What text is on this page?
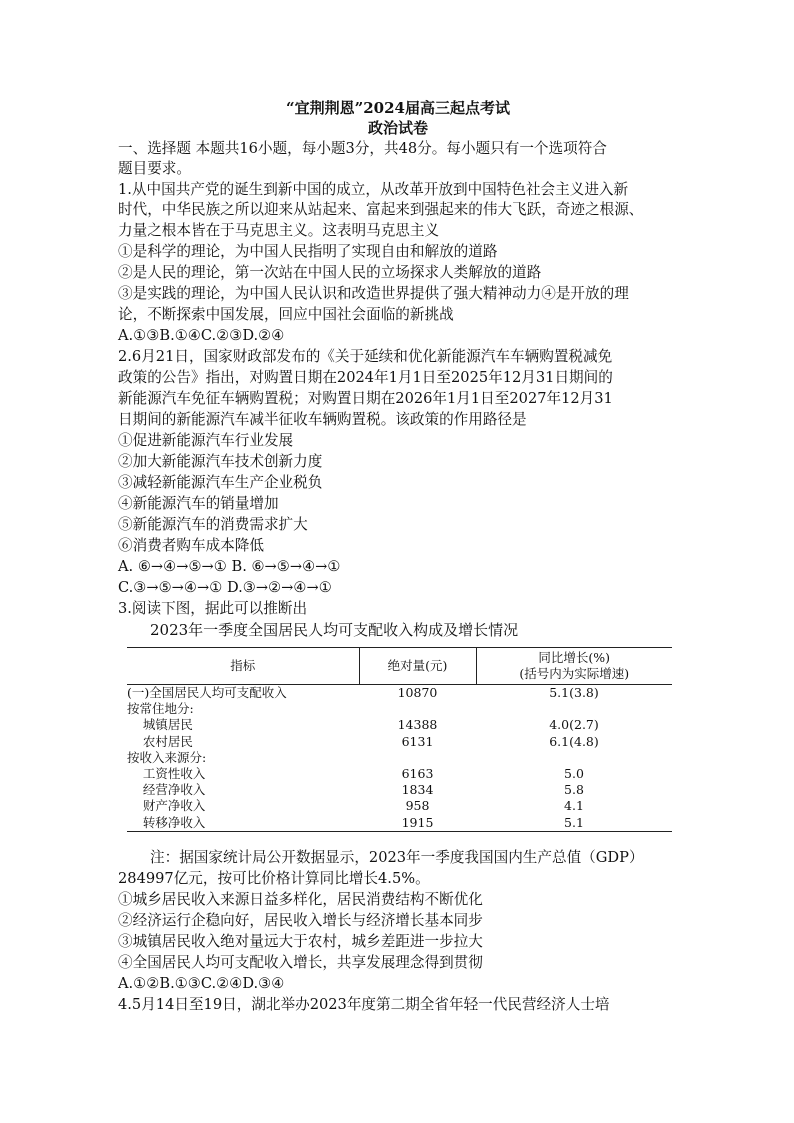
“宜荆荆恩”2024届高三起点考试
政治试卷
一、选择题 本题共16小题，每小题3分，共48分。每小题只有一个选项符合
题目要求。
1.从中国共产党的诞生到新中国的成立，从改革开放到中国特色社会主义进入新
时代，中华民族之所以迎来从站起来、富起来到强起来的伟大飞跃，奇迹之根源、
力量之根本皆在于马克思主义。这表明马克思主义
①是科学的理论，为中国人民指明了实现自由和解放的道路
②是人民的理论，第一次站在中国人民的立场探求人类解放的道路
③是实践的理论，为中国人民认识和改造世界提供了强大精神动力④是开放的理
论，不断探索中国发展，回应中国社会面临的新挑战
A.①③B.①④C.②③D.②④
2.6月21日，国家财政部发布的《关于延续和优化新能源汽车车辆购置税减免
政策的公告》指出，对购置日期在2024年1月1日至2025年12月31日期间的
新能源汽车免征车辆购置税；对购置日期在2026年1月1日至2027年12月31
日期间的新能源汽车减半征收车辆购置税。该政策的作用路径是
①促进新能源汽车行业发展
②加大新能源汽车技术创新力度
③减轻新能源汽车生产企业税负
④新能源汽车的销量增加
⑤新能源汽车的消费需求扩大
⑥消费者购车成本降低
A. ⑥→④→⑤→① B. ⑥→⑤→④→①
C.③→⑤→④→① D.③→②→④→①
3.阅读下图，据此可以推断出
2023年一季度全国居民人均可支配收入构成及增长情况
指标	绝对量(元)	同比增长(%)
(括号内为实际增速)

(一)全国居民人均可支配收入	10870	5.1(3.8)
按常住地分:		
城镇居民	14388	4.0(2.7)
农村居民	6131	6.1(4.8)
按收入来源分:		
工资性收入	6163	5.0
经营净收入	1834	5.8
财产净收入	958	4.1
转移净收入	1915	5.1
注：据国家统计局公开数据显示，2023年一季度我国国内生产总值（GDP）
284997亿元，按可比价格计算同比增长4.5%。
①城乡居民收入来源日益多样化，居民消费结构不断优化
②经济运行企稳向好，居民收入增长与经济增长基本同步
③城镇居民收入绝对量远大于农村，城乡差距进一步拉大
④全国居民人均可支配收入增长，共享发展理念得到贯彻
A.①②B.①③C.②④D.③④
4.5月14日至19日，湖北举办2023年度第二期全省年轻一代民营经济人士培
